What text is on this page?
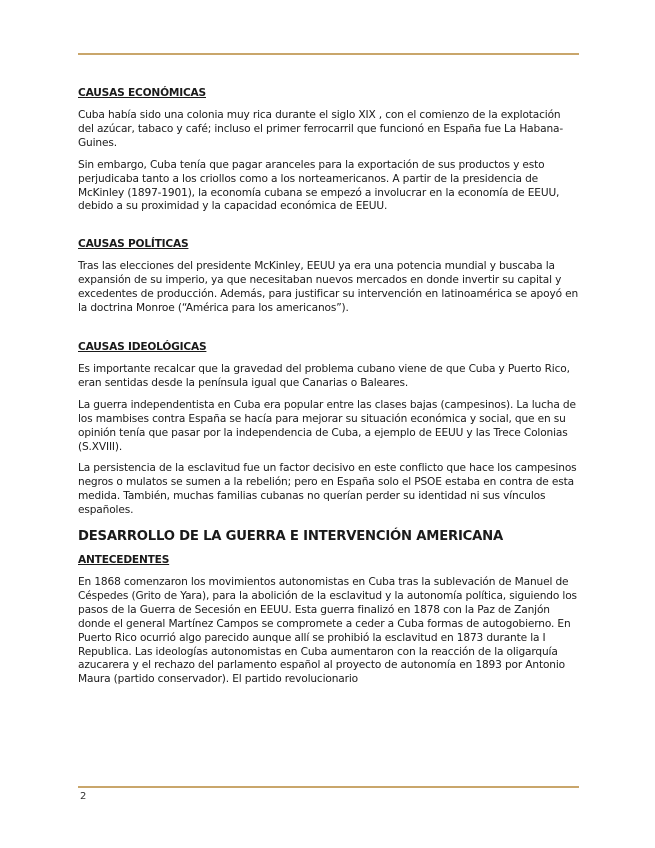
CAUSAS ECONÓMICAS

Cuba había sido una colonia muy rica durante el siglo XIX , con el comienzo de la explotación del azúcar, tabaco y café; incluso el primer ferrocarril que funcionó en España fue La Habana-Guines.

Sin embargo, Cuba tenía que pagar aranceles para la exportación de sus productos y esto perjudicaba tanto a los criollos como a los norteamericanos. A partir de la presidencia de McKinley (1897-1901), la economía cubana se empezó a involucrar en la economía de EEUU, debido a su proximidad y la capacidad económica de EEUU.

CAUSAS POLÍTICAS

Tras las elecciones del presidente McKinley, EEUU ya era una potencia mundial y buscaba la expansión de su imperio, ya que necesitaban nuevos mercados en donde invertir su capital y excedentes de producción. Además, para justificar su intervención en latinoamérica se apoyó en la doctrina Monroe (“América para los americanos”).

CAUSAS IDEOLÓGICAS

Es importante recalcar que la gravedad del problema cubano viene de que Cuba y Puerto Rico, eran sentidas desde la península igual que Canarias o Baleares.

La guerra independentista en Cuba era popular entre las clases bajas (campesinos). La lucha de los mambises contra España se hacía para mejorar su situación económica y social, que en su opinión tenía que pasar por la independencia de Cuba, a ejemplo de EEUU y las Trece Colonias (S.XVIII).

La persistencia de la esclavitud fue un factor decisivo en este conflicto que hace los campesinos negros o mulatos se sumen a la rebelión; pero en España solo el PSOE estaba en contra de esta medida. También, muchas familias cubanas no querían perder su identidad ni sus vínculos españoles.

DESARROLLO DE LA GUERRA E INTERVENCIÓN AMERICANA
ANTECEDENTES

En 1868 comenzaron los movimientos autonomistas en Cuba tras la sublevación de Manuel de Céspedes (Grito de Yara), para la abolición de la esclavitud y la autonomía política, siguiendo los pasos de la Guerra de Secesión en EEUU. Esta guerra finalizó en 1878 con la Paz de Zanjón donde el general Martínez Campos se compromete a ceder a Cuba formas de autogobierno. En Puerto Rico ocurrió algo parecido aunque allí se prohibió la esclavitud en 1873 durante la I Republica. Las ideologías autonomistas en Cuba aumentaron con la reacción de la oligarquía azucarera y el rechazo del parlamento español al proyecto de autonomía en 1893 por Antonio Maura (partido conservador). El partido revolucionario

2
